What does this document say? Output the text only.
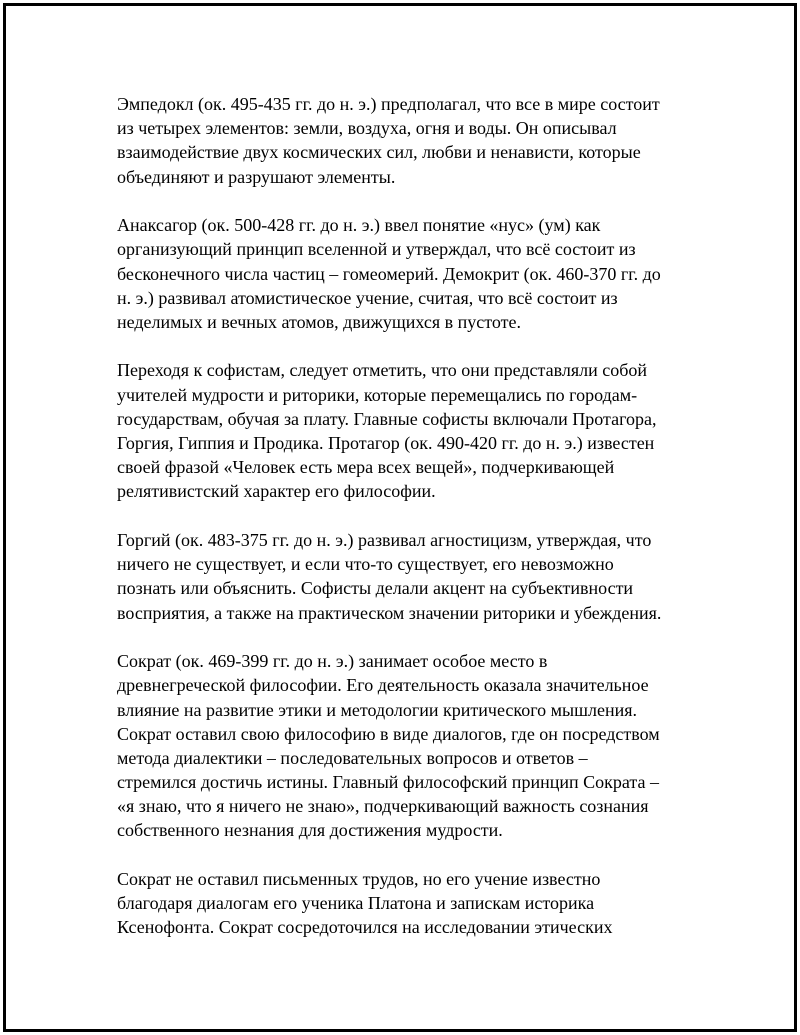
Эмпедокл (ок. 495-435 гг. до н. э.) предполагал, что все в мире состоит
из четырех элементов: земли, воздуха, огня и воды. Он описывал
взаимодействие двух космических сил, любви и ненависти, которые
объединяют и разрушают элементы.
Анаксагор (ок. 500-428 гг. до н. э.) ввел понятие «нус» (ум) как
организующий принцип вселенной и утверждал, что всё состоит из
бесконечного числа частиц – гомеомерий. Демокрит (ок. 460-370 гг. до
н. э.) развивал атомистическое учение, считая, что всё состоит из
неделимых и вечных атомов, движущихся в пустоте.
Переходя к софистам, следует отметить, что они представляли собой
учителей мудрости и риторики, которые перемещались по городам-
государствам, обучая за плату. Главные софисты включали Протагора,
Горгия, Гиппия и Продика. Протагор (ок. 490-420 гг. до н. э.) известен
своей фразой «Человек есть мера всех вещей», подчеркивающей
релятивистский характер его философии.
Горгий (ок. 483-375 гг. до н. э.) развивал агностицизм, утверждая, что
ничего не существует, и если что-то существует, его невозможно
познать или объяснить. Софисты делали акцент на субъективности
восприятия, а также на практическом значении риторики и убеждения.
Сократ (ок. 469-399 гг. до н. э.) занимает особое место в
древнегреческой философии. Его деятельность оказала значительное
влияние на развитие этики и методологии критического мышления.
Сократ оставил свою философию в виде диалогов, где он посредством
метода диалектики – последовательных вопросов и ответов –
стремился достичь истины. Главный философский принцип Сократа –
«я знаю, что я ничего не знаю», подчеркивающий важность сознания
собственного незнания для достижения мудрости.
Сократ не оставил письменных трудов, но его учение известно
благодаря диалогам его ученика Платона и запискам историка
Ксенофонта. Сократ сосредоточился на исследовании этических
